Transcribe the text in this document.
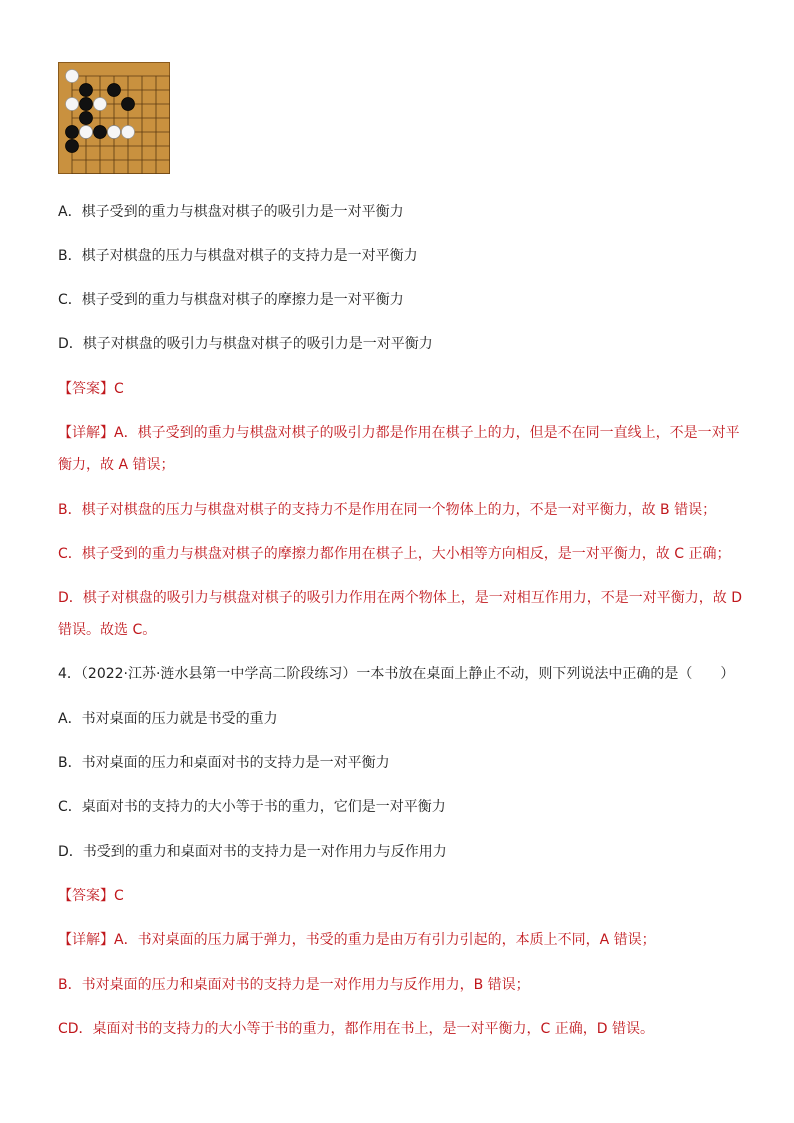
A．棋子受到的重力与棋盘对棋子的吸引力是一对平衡力
B．棋子对棋盘的压力与棋盘对棋子的支持力是一对平衡力
C．棋子受到的重力与棋盘对棋子的摩擦力是一对平衡力
D．棋子对棋盘的吸引力与棋盘对棋子的吸引力是一对平衡力
【答案】C
【详解】A．棋子受到的重力与棋盘对棋子的吸引力都是作用在棋子上的力，但是不在同一直线上，不是一对平
衡力，故 A 错误；
B．棋子对棋盘的压力与棋盘对棋子的支持力不是作用在同一个物体上的力，不是一对平衡力，故 B 错误；
C．棋子受到的重力与棋盘对棋子的摩擦力都作用在棋子上，大小相等方向相反，是一对平衡力，故 C 正确；
D．棋子对棋盘的吸引力与棋盘对棋子的吸引力作用在两个物体上，是一对相互作用力，不是一对平衡力，故 D
错误。故选 C。
4．（2022·江苏·涟水县第一中学高二阶段练习）一本书放在桌面上静止不动，则下列说法中正确的是（　　）
A．书对桌面的压力就是书受的重力
B．书对桌面的压力和桌面对书的支持力是一对平衡力
C．桌面对书的支持力的大小等于书的重力，它们是一对平衡力
D．书受到的重力和桌面对书的支持力是一对作用力与反作用力
【答案】C
【详解】A．书对桌面的压力属于弹力，书受的重力是由万有引力引起的，本质上不同，A 错误；
B．书对桌面的压力和桌面对书的支持力是一对作用力与反作用力，B 错误；
CD．桌面对书的支持力的大小等于书的重力，都作用在书上，是一对平衡力，C 正确，D 错误。
